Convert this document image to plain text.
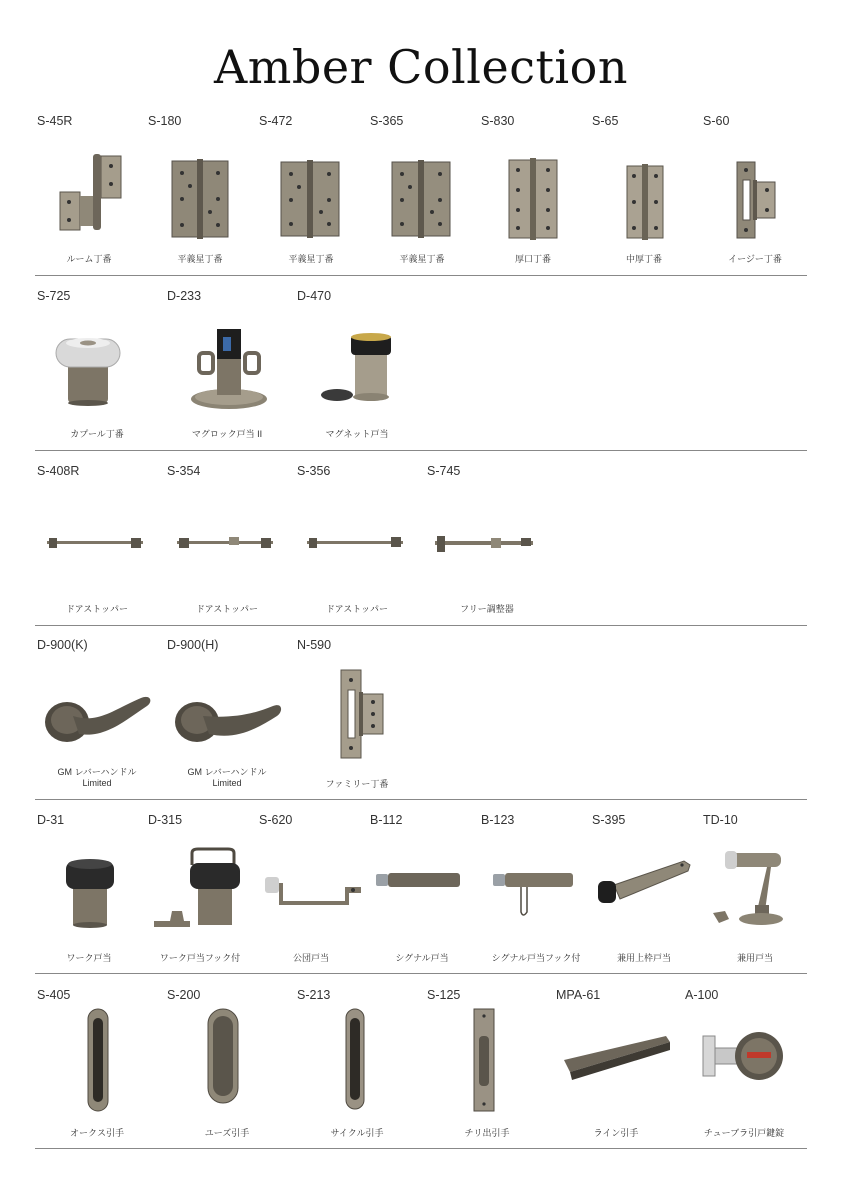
Amber Collection
S-45R
ルーム丁番
S-180
平義星丁番
S-472
平義星丁番
S-365
平義星丁番
S-830
厚口丁番
S-65
中厚丁番
S-60
イージー丁番
S-725
カプール丁番
D-233
マグロック戸当 II
D-470
マグネット戸当
S-408R
ドアストッパー
S-354
ドアストッパー
S-356
ドアストッパー
S-745
フリー調整器
D-900(K)
GM レバーハンドル
Limited
D-900(H)
GM レバーハンドル
Limited
N-590
ファミリー丁番
D-31
ワーク戸当
D-315
ワーク戸当フック付
S-620
公団戸当
B-112
シグナル戸当
B-123
シグナル戸当フック付
S-395
兼用上枠戸当
TD-10
兼用戸当
S-405
オークス引手
S-200
ユーズ引手
S-213
サイクル引手
S-125
チリ出引手
MPA-61
ライン引手
A-100
チューブラ引戸鍵錠
